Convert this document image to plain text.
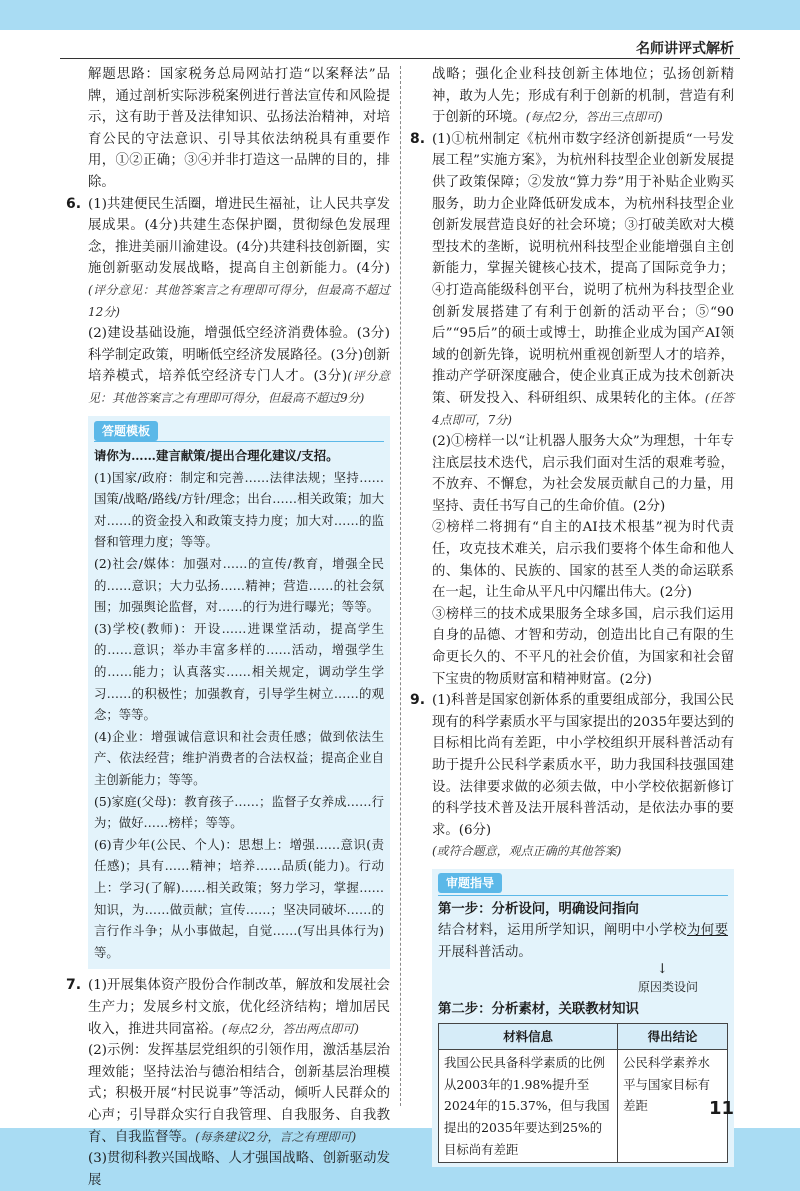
名师讲评式解析

解题思路：国家税务总局网站打造“以案释法”品牌，通过剖析实际涉税案例进行普法宣传和风险提示，这有助于普及法律知识、弘扬法治精神，对培育公民的守法意识、引导其依法纳税具有重要作用，①②正确；③④并非打造这一品牌的目的，排除。

6. (1)共建便民生活圈，增进民生福祉，让人民共享发展成果。(4分)共建生态保护圈，贯彻绿色发展理念，推进美丽川渝建设。(4分)共建科技创新圈，实施创新驱动发展战略，提高自主创新能力。(4分)(评分意见：其他答案言之有理即可得分，但最高不超过12分)

(2)建设基础设施，增强低空经济消费体验。(3分)科学制定政策，明晰低空经济发展路径。(3分)创新培养模式，培养低空经济专门人才。(3分)(评分意见：其他答案言之有理即可得分，但最高不超过9分)

答题模板

请你为……建言献策/提出合理化建议/支招。

(1)国家/政府：制定和完善……法律法规；坚持……国策/战略/路线/方针/理念；出台……相关政策；加大对……的资金投入和政策支持力度；加大对……的监督和管理力度；等等。

(2)社会/媒体：加强对……的宣传/教育，增强全民的……意识；大力弘扬……精神；营造……的社会氛围；加强舆论监督，对……的行为进行曝光；等等。

(3)学校(教师)：开设……进课堂活动，提高学生的……意识；举办丰富多样的……活动，增强学生的……能力；认真落实……相关规定，调动学生学习……的积极性；加强教育，引导学生树立……的观念；等等。

(4)企业：增强诚信意识和社会责任感；做到依法生产、依法经营；维护消费者的合法权益；提高企业自主创新能力；等等。

(5)家庭(父母)：教育孩子……；监督子女养成……行为；做好……榜样；等等。

(6)青少年(公民、个人)：思想上：增强……意识(责任感)；具有……精神；培养……品质(能力)。行动上：学习(了解)……相关政策；努力学习，掌握……知识，为……做贡献；宣传……；坚决同破坏……的言行作斗争；从小事做起，自觉……(写出具体行为)等。

7. (1)开展集体资产股份合作制改革，解放和发展社会生产力；发展乡村文旅，优化经济结构；增加居民收入，推进共同富裕。(每点2分，答出两点即可)

(2)示例：发挥基层党组织的引领作用，激活基层治理效能；坚持法治与德治相结合，创新基层治理模式；积极开展“村民说事”等活动，倾听人民群众的心声；引导群众实行自我管理、自我服务、自我教育、自我监督等。(每条建议2分，言之有理即可)

(3)贯彻科教兴国战略、人才强国战略、创新驱动发展

战略；强化企业科技创新主体地位；弘扬创新精神，敢为人先；形成有利于创新的机制，营造有利于创新的环境。(每点2分，答出三点即可)

8. (1)①杭州制定《杭州市数字经济创新提质“一号发展工程”实施方案》，为杭州科技型企业创新发展提供了政策保障；②发放“算力券”用于补贴企业购买服务，助力企业降低研发成本，为杭州科技型企业创新发展营造良好的社会环境；③打破美欧对大模型技术的垄断，说明杭州科技型企业能增强自主创新能力，掌握关键核心技术，提高了国际竞争力；④打造高能级科创平台，说明了杭州为科技型企业创新发展搭建了有利于创新的活动平台；⑤“90后”“95后”的硕士或博士，助推企业成为国产AI领域的创新先锋，说明杭州重视创新型人才的培养，推动产学研深度融合，使企业真正成为技术创新决策、研发投入、科研组织、成果转化的主体。(任答4点即可，7分)

(2)①榜样一以“让机器人服务大众”为理想，十年专注底层技术迭代，启示我们面对生活的艰难考验，不放弃、不懈怠，为社会发展贡献自己的力量，用坚持、责任书写自己的生命价值。(2分)

②榜样二将拥有“自主的AI技术根基”视为时代责任，攻克技术难关，启示我们要将个体生命和他人的、集体的、民族的、国家的甚至人类的命运联系在一起，让生命从平凡中闪耀出伟大。(2分)

③榜样三的技术成果服务全球多国，启示我们运用自身的品德、才智和劳动，创造出比自己有限的生命更长久的、不平凡的社会价值，为国家和社会留下宝贵的物质财富和精神财富。(2分)

9. (1)科普是国家创新体系的重要组成部分，我国公民现有的科学素质水平与国家提出的2035年要达到的目标相比尚有差距，中小学校组织开展科普活动有助于提升公民科学素质水平，助力我国科技强国建设。法律要求做的必须去做，中小学校依据新修订的科学技术普及法开展科普活动，是依法办事的要求。(6分)

(或符合题意，观点正确的其他答案)

审题指导

第一步：分析设问，明确设问指向

结合材料，运用所学知识，阐明中小学校为何要开展科普活动。

↓
原因类设问

第二步：分析素材，关联教材知识

材料信息	得出结论
我国公民具备科学素质的比例从2003年的1.98%提升至2024年的15.37%，但与我国提出的2035年要达到25%的目标尚有差距	公民科学素养水平与国家目标有差距	11
